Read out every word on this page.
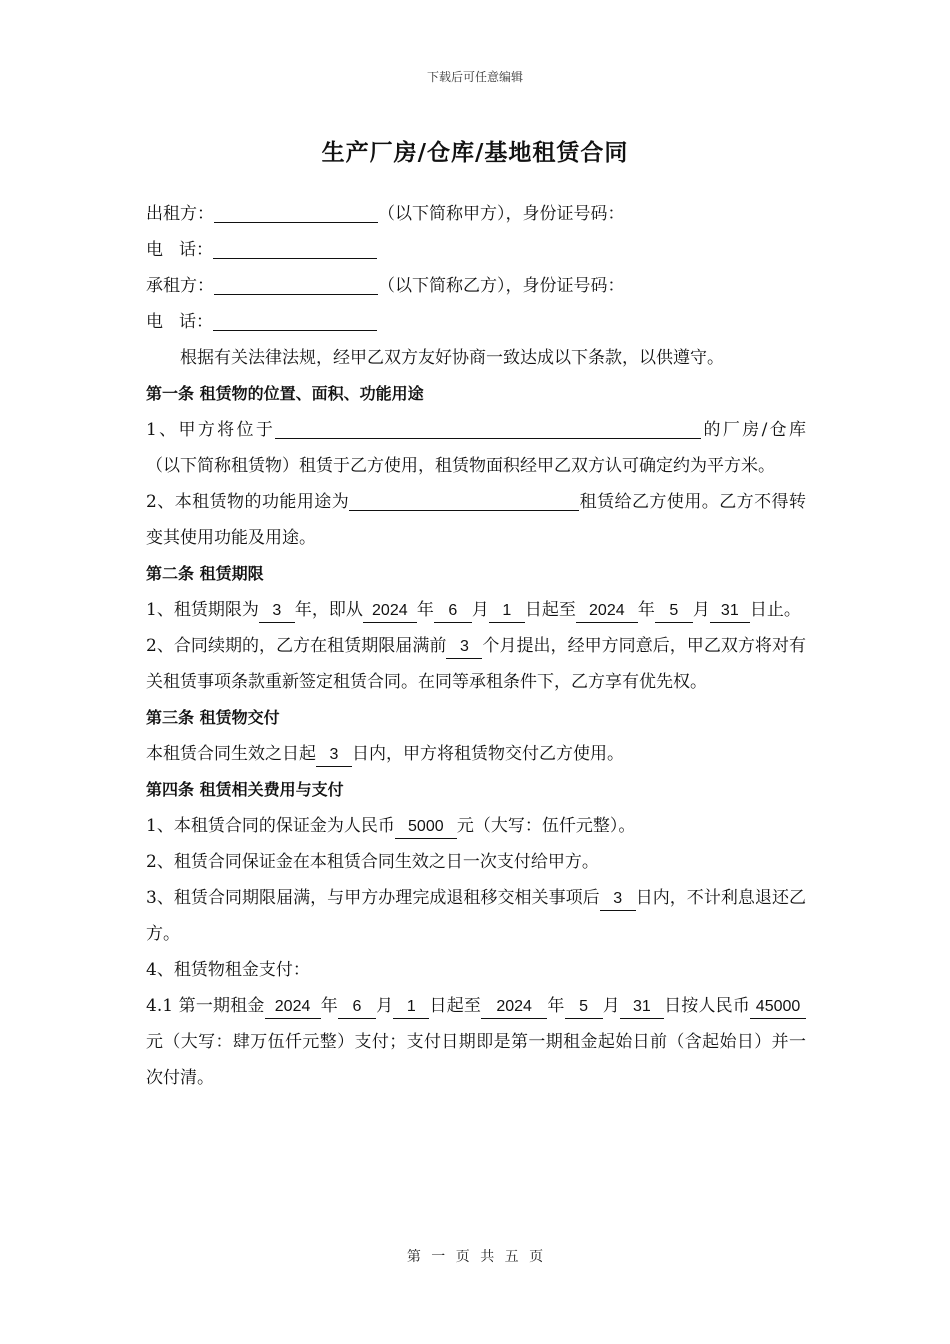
下载后可任意编辑
生产厂房/仓库/基地租赁合同
出租方：	（以下简称甲方），身份证号码：
电 话：
承租方：	（以下简称乙方），身份证号码：
电 话：
根据有关法律法规，经甲乙双方友好协商一致达成以下条款，以供遵守。
第一条 租赁物的位置、面积、功能用途
1、甲方将位于	的厂房/仓库（以下简称租赁物）租赁于乙方使用，租赁物面积经甲乙双方认可确定约为平方米。
2、本租赁物的功能用途为	租赁给乙方使用。乙方不得转变其使用功能及用途。
第二条 租赁期限
1、租赁期限为 3 年，即从 2024 年 6 月 1 日起至 2024 年 5 月 31 日止。
2、合同续期的，乙方在租赁期限届满前 3 个月提出，经甲方同意后，甲乙双方将对有关租赁事项条款重新签定租赁合同。在同等承租条件下，乙方享有优先权。
第三条 租赁物交付
本租赁合同生效之日起 3 日内，甲方将租赁物交付乙方使用。
第四条 租赁相关费用与支付
1、本租赁合同的保证金为人民币 5000 元（大写：伍仟元整）。
2、租赁合同保证金在本租赁合同生效之日一次支付给甲方。
3、租赁合同期限届满，与甲方办理完成退租移交相关事项后 3 日内，不计利息退还乙方。
4、租赁物租金支付：
4.1 第一期租金 2024 年 6 月 1 日起至 2024 年 5 月 31 日按人民币 45000元（大写：肆万伍仟元整）支付；支付日期即是第一期租金起始日前（含起始日）并一次付清。
第 一 页 共 五 页
